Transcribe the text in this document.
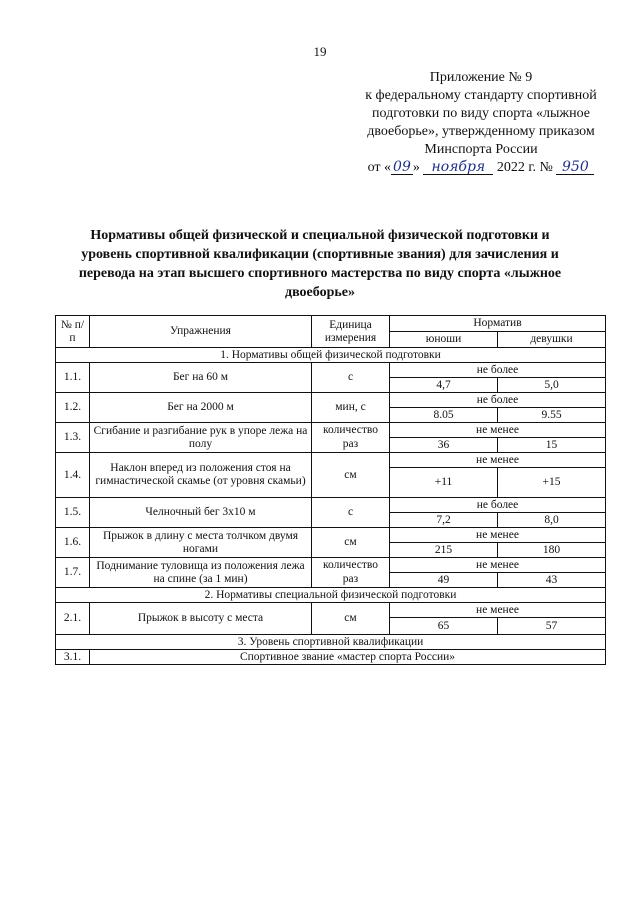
19
Приложение № 9
к федеральному стандарту спортивной
подготовки по виду спорта «лыжное
двоеборье», утвержденному приказом
Минспорта России
от « 09 » ноября 2022 г. № 950
Нормативы общей физической и специальной физической подготовки и уровень спортивной квалификации (спортивные звания) для зачисления и перевода на этап высшего спортивного мастерства по виду спорта «лыжное двоеборье»
№ п/п	Упражнения	Единица измерения	Норматив	
			юноши	девушки
1. Нормативы общей физической подготовки				
1.1.	Бег на 60 м	с	не более	
			4,7	5,0
1.2.	Бег на 2000 м	мин, с	не более	
			8.05	9.55
1.3.	Сгибание и разгибание рук в упоре лежа на полу	количество	не менее	
		раз	36	15
1.4.	Наклон вперед из положения стоя на гимнастической скамье (от уровня скамьи)	см	не менее	
			+11	+15
1.5.	Челночный бег 3х10 м	с	не более	
			7,2	8,0
1.6.	Прыжок в длину с места толчком двумя ногами	см	не менее	
			215	180
1.7.	Поднимание туловища из положения лежа на спине (за 1 мин)	количество	не менее	
		раз	49	43
2. Нормативы специальной физической подготовки				
2.1.	Прыжок в высоту с места	см	не менее	
			65	57
3. Уровень спортивной квалификации				
3.1.	Спортивное звание «мастер спорта России»			
